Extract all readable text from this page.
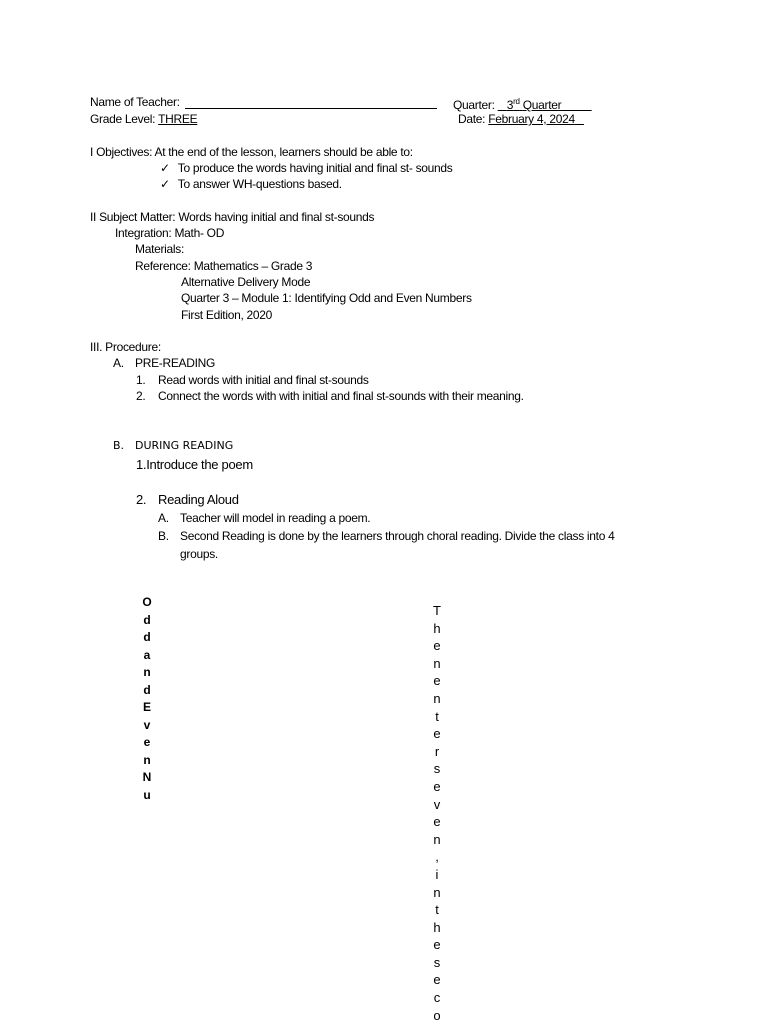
Name of Teacher:	Quarter: 3rd Quarter
Grade Level: THREE	Date: February 4, 2024
I Objectives: At the end of the lesson, learners should be able to:
✓ To produce the words having initial and final st- sounds
✓ To answer WH-questions based.
II Subject Matter: Words having initial and final st-sounds
Integration: Math- OD
Materials:
Reference: Mathematics – Grade 3
Alternative Delivery Mode
Quarter 3 – Module 1: Identifying Odd and Even Numbers
First Edition, 2020
III. Procedure:
A. PRE-READING
1. Read words with initial and final st-sounds
2. Connect the words with with initial and final st-sounds with their meaning.
B. DURING READING
1.Introduce the poem
2. Reading Aloud
A. Teacher will model in reading a poem.
B. Second Reading is done by the learners through choral reading. Divide the class into 4
groups.
O
d
d
a
n
d
E
v
e
n
N
u
T
h
e
n
e
n
t
e
r
s
e
v
e
n
,
i
n
t
h
e
s
e
c
o
